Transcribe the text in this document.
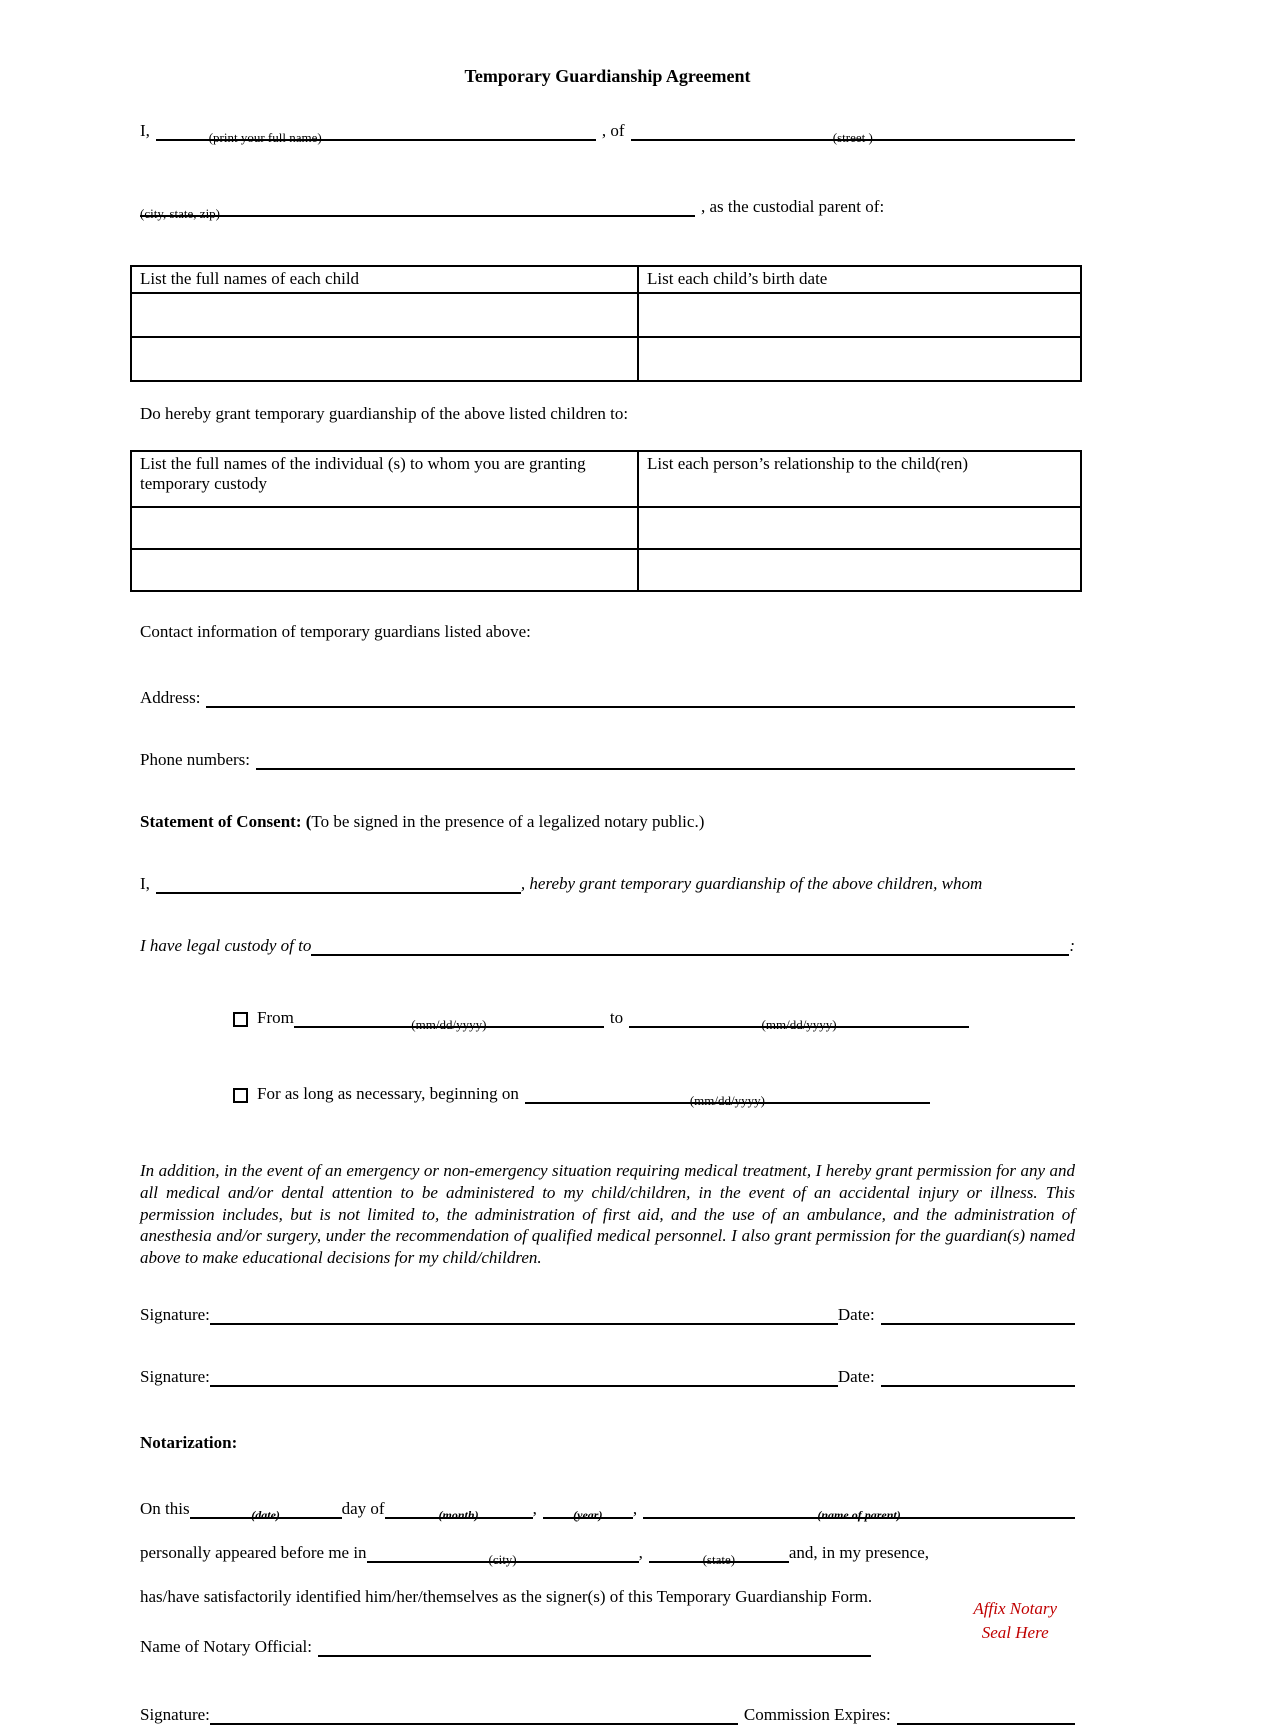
Temporary Guardianship Agreement
I,	(print your full name)	, of	(street )
(city, state, zip)	, as the custodial parent of:
List the full names of each child	List each child’s birth date

Do hereby grant temporary guardianship of the above listed children to:
List the full names of the individual (s) to whom you are granting temporary custody	List each person’s relationship to the child(ren)

Contact information of temporary guardians listed above:
Address:
Phone numbers:
Statement of Consent: (To be signed in the presence of a legalized notary public.)
I,	, hereby grant temporary guardianship of the above children, whom
I have legal custody of to	:
From	(mm/dd/yyyy)	to	(mm/dd/yyyy)
For as long as necessary, beginning on	(mm/dd/yyyy)
In addition, in the event of an emergency or non-emergency situation requiring medical treatment, I hereby grant permission for any and all medical and/or dental attention to be administered to my child/children, in the event of an accidental injury or illness. This permission includes, but is not limited to, the administration of first aid, and the use of an ambulance, and the administration of anesthesia and/or surgery, under the recommendation of qualified medical personnel. I also grant permission for the guardian(s) named above to make educational decisions for my child/children.
Signature:	Date:
Signature:	Date:
Notarization:
On this	(date)	day of	(month)	,	(year) ,	(name of parent)
personally appeared before me in	(city)	,	(state)	and, in my presence,
has/have satisfactorily identified him/her/themselves as the signer(s) of this Temporary Guardianship Form.
Name of Notary Official:
Signature:	Commission Expires:
Affix Notary
Seal Here
